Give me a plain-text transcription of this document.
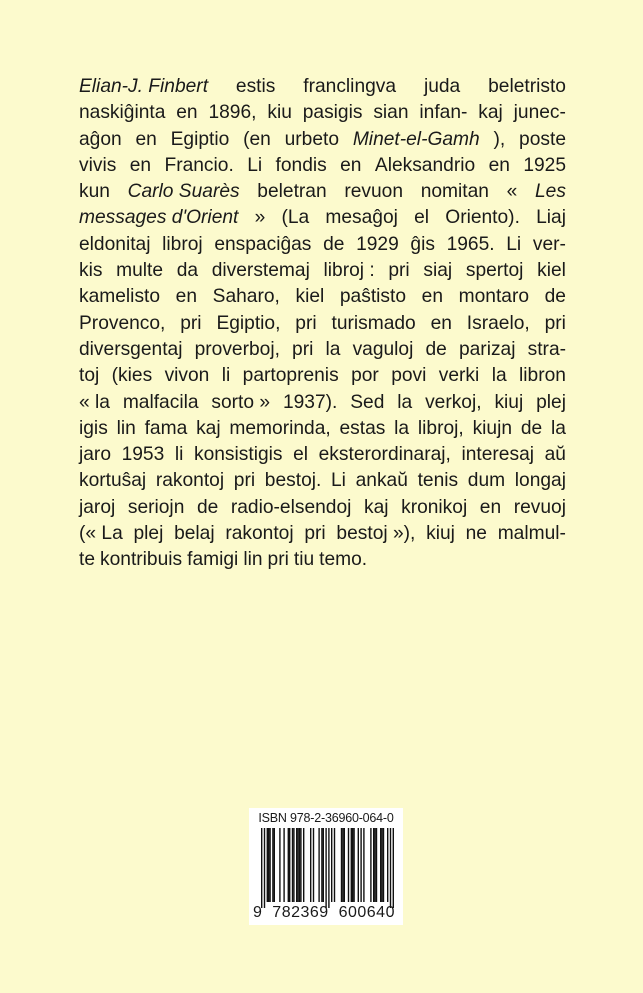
Elian-J. Finbert estis franclingva juda beletristo
naskiĝinta en 1896, kiu pasigis sian infan- kaj junec-
aĝon en Egiptio (en urbeto Minet-el-Gamh ), poste
vivis en Francio. Li fondis en Aleksandrio en 1925
kun Carlo Suarès beletran revuon nomitan « Les
messages d'Orient » (La mesaĝoj el Oriento). Liaj
eldonitaj libroj enspaciĝas de 1929 ĝis 1965. Li ver-
kis multe da diverstemaj libroj : pri siaj spertoj kiel
kamelisto en Saharo, kiel paŝtisto en montaro de
Provenco, pri Egiptio, pri turismado en Israelo, pri
diversgentaj proverboj, pri la vaguloj de parizaj stra-
toj (kies vivon li partoprenis por povi verki la libron
« la malfacila sorto » 1937). Sed la verkoj, kiuj plej
igis lin fama kaj memorinda, estas la libroj, kiujn de la
jaro 1953 li konsistigis el eksterordinaraj, interesaj aŭ
kortuŝaj rakontoj pri bestoj. Li ankaŭ tenis dum longaj
jaroj seriojn de radio-elsendoj kaj kronikoj en revuoj
(« La plej belaj rakontoj pri bestoj »), kiuj ne malmul-
te kontribuis famigi lin pri tiu temo.
ISBN 978-2-36960-064-0
9  782369  600640
